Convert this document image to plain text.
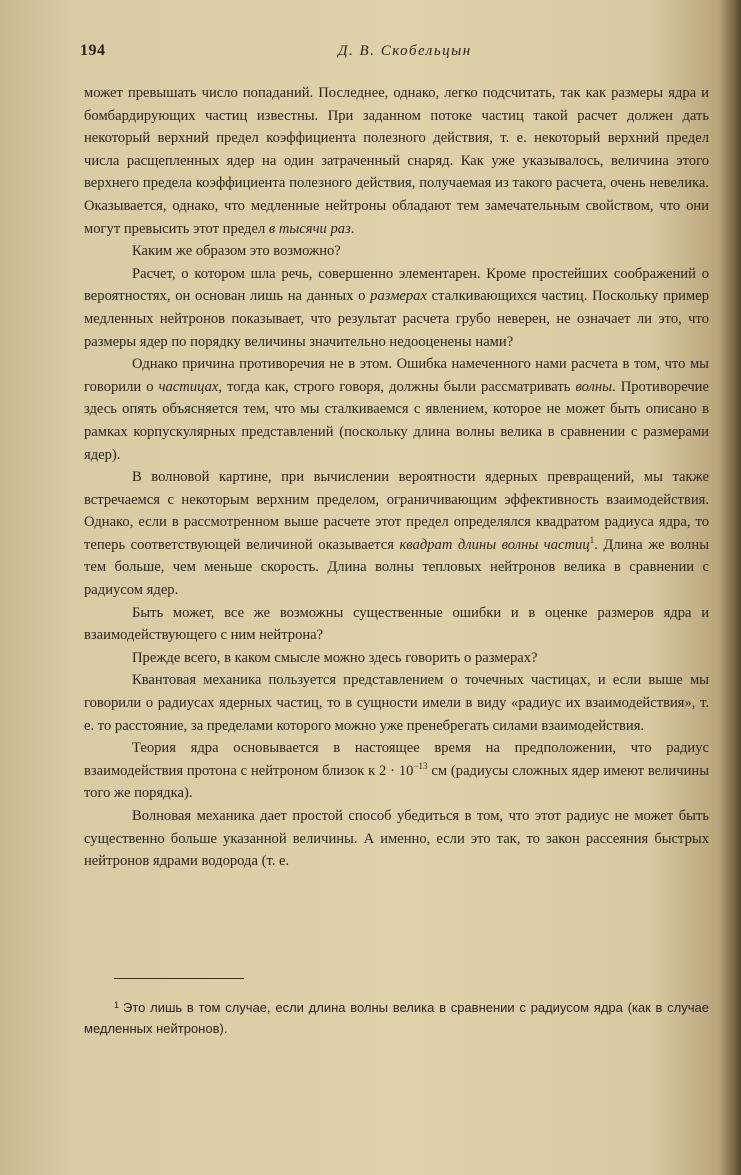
194	Д. В. Скобельцын

может превышать число попаданий. Последнее, однако, легко подсчитать, так как размеры ядра и бомбардирующих частиц известны. При заданном потоке частиц такой расчет должен дать некоторый верхний предел коэффициента полезного действия, т. е. некоторый верхний предел числа расщепленных ядер на один затраченный снаряд. Как уже указывалось, величина этого верхнего предела коэффициента полезного действия, получаемая из такого расчета, очень невелика. Оказывается, однако, что медленные нейтроны обладают тем замечательным свойством, что они могут превысить этот предел в тысячи раз.

Каким же образом это возможно?

Расчет, о котором шла речь, совершенно элементарен. Кроме простейших соображений о вероятностях, он основан лишь на данных о размерах сталкивающихся частиц. Поскольку пример медленных нейтронов показывает, что результат расчета грубо неверен, не означает ли это, что размеры ядер по порядку величины значительно недооценены нами?

Однако причина противоречия не в этом. Ошибка намеченного нами расчета в том, что мы говорили о частицах, тогда как, строго говоря, должны были рассматривать волны. Противоречие здесь опять объясняется тем, что мы сталкиваемся с явлением, которое не может быть описано в рамках корпускулярных представлений (поскольку длина волны велика в сравнении с размерами ядер).

В волновой картине, при вычислении вероятности ядерных превращений, мы также встречаемся с некоторым верхним пределом, ограничивающим эффективность взаимодействия. Однако, если в рассмотренном выше расчете этот предел определялся квадратом радиуса ядра, то теперь соответствующей величиной оказывается квадрат длины волны частиц$^1$. Длина же волны тем больше, чем меньше скорость. Длина волны тепловых нейтронов велика в сравнении с радиусом ядер.

Быть может, все же возможны существенные ошибки и в оценке размеров ядра и взаимодействующего с ним нейтрона?

Прежде всего, в каком смысле можно здесь говорить о размерах?

Квантовая механика пользуется представлением о точечных частицах, и если выше мы говорили о радиусах ядерных частиц, то в сущности имели в виду «радиус их взаимодействия», т. е. то расстояние, за пределами которого можно уже пренебрегать силами взаимодействия.

Теория ядра основывается в настоящее время на предположении, что радиус взаимодействия протона с нейтроном близок к $2 \cdot 10^{-13}$ см (радиусы сложных ядер имеют величины того же порядка).

Волновая механика дает простой способ убедиться в том, что этот радиус не может быть существенно больше указанной величины. А именно, если это так, то закон рассеяния быстрых нейтронов ядрами водорода (т. е.

$^1$ Это лишь в том случае, если длина волны велика в сравнении с радиусом ядра (как в случае медленных нейтронов).
